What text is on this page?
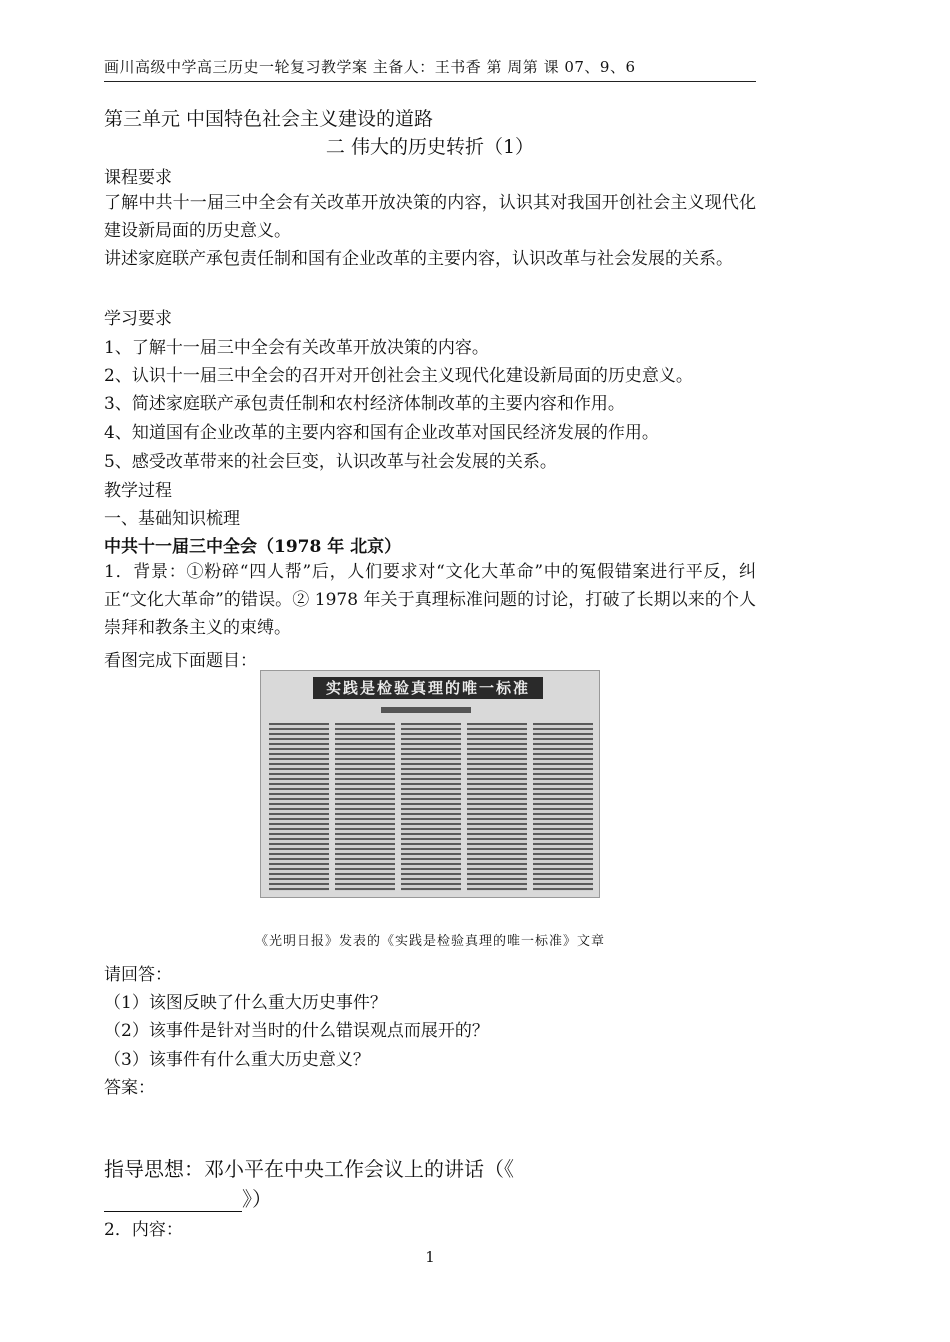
画川高级中学高三历史一轮复习教学案 主备人：王书香 第 周第 课 07、9、6
第三单元 中国特色社会主义建设的道路
二 伟大的历史转折（1）
课程要求
了解中共十一届三中全会有关改革开放决策的内容，认识其对我国开创社会主义现代化建设新局面的历史意义。
讲述家庭联产承包责任制和国有企业改革的主要内容，认识改革与社会发展的关系。
学习要求
1、了解十一届三中全会有关改革开放决策的内容。
2、认识十一届三中全会的召开对开创社会主义现代化建设新局面的历史意义。
3、简述家庭联产承包责任制和农村经济体制改革的主要内容和作用。
4、知道国有企业改革的主要内容和国有企业改革对国民经济发展的作用。
5、感受改革带来的社会巨变，认识改革与社会发展的关系。
教学过程
一、基础知识梳理
中共十一届三中全会（1978 年 北京）
1．背景：①粉碎“四人帮”后，人们要求对“文化大革命”中的冤假错案进行平反，纠正“文化大革命”的错误。② 1978 年关于真理标准问题的讨论，打破了长期以来的个人崇拜和教条主义的束缚。
看图完成下面题目：
实践是检验真理的唯一标准
《光明日报》发表的《实践是检验真理的唯一标准》文章
请回答：
（1）该图反映了什么重大历史事件？
（2）该事件是针对当时的什么错误观点而展开的？
（3）该事件有什么重大历史意义？
答案：
指导思想：邓小平在中央工作会议上的讲话（《
》）
2．内容：
1
